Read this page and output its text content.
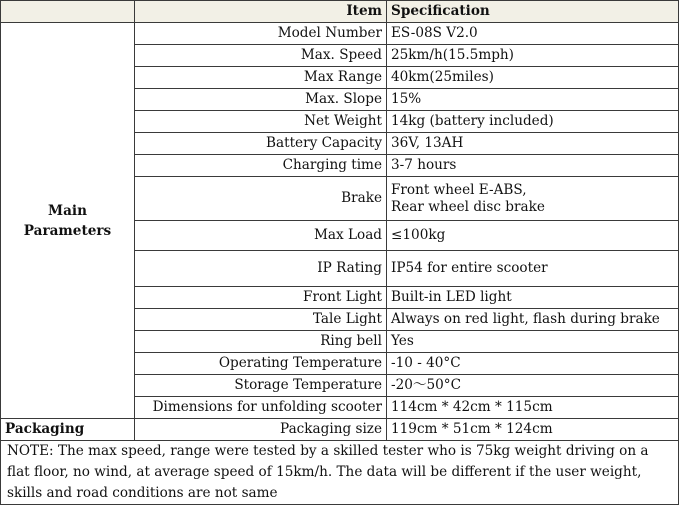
	Item	Specification
Main
Parameters	Model Number	ES-08S V2.0
	Max. Speed	25km/h(15.5mph)
	Max Range	40km(25miles)
	Max. Slope	15%
	Net Weight	14kg (battery included)
	Battery Capacity	36V, 13AH
	Charging time	3-7 hours
	Brake	Front wheel E-ABS,
Rear wheel disc brake
	Max Load	≤100kg
	IP Rating	IP54 for entire scooter
	Front Light	Built-in LED light
	Tale Light	Always on red light, flash during brake
	Ring bell	Yes
	Operating Temperature	-10 - 40°C
	Storage Temperature	-20～50°C
	Dimensions for unfolding scooter	114cm * 42cm * 115cm
Packaging	Packaging size	119cm * 51cm * 124cm
NOTE: The max speed, range were tested by a skilled tester who is 75kg weight driving on a
flat floor, no wind, at average speed of 15km/h. The data will be different if the user weight,
skills and road conditions are not same		
